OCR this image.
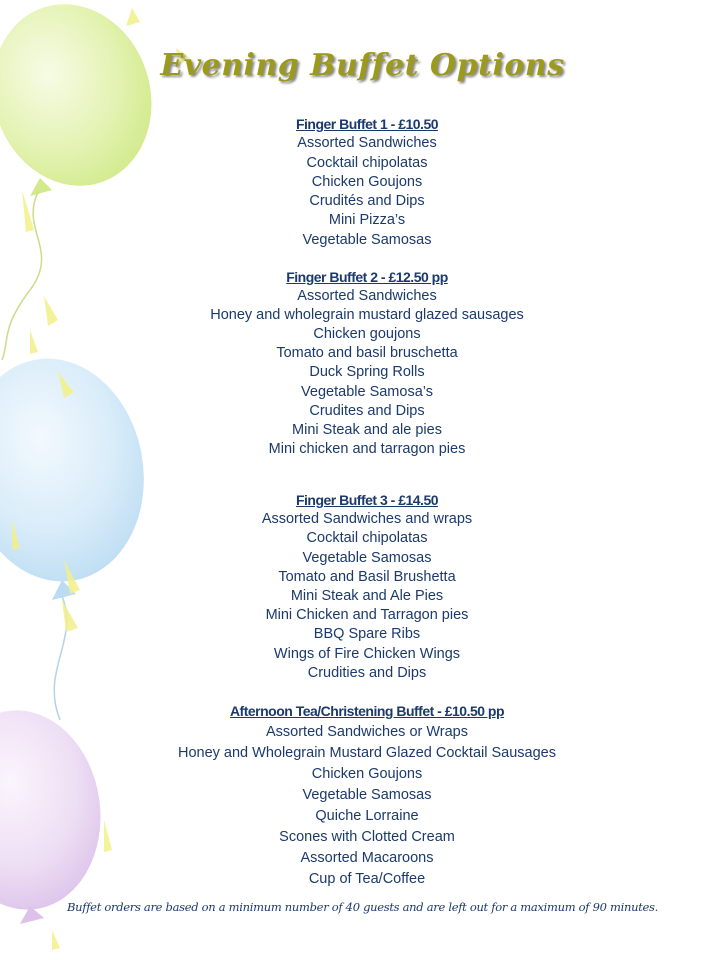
Evening Buffet Options
Finger Buffet 1 - £10.50
Assorted Sandwiches
Cocktail chipolatas
Chicken Goujons
Crudités and Dips
Mini Pizza’s
Vegetable Samosas
Finger Buffet 2 - £12.50 pp
Assorted Sandwiches
Honey and wholegrain mustard glazed sausages
Chicken goujons
Tomato and basil bruschetta
Duck Spring Rolls
Vegetable Samosa’s
Crudites and Dips
Mini Steak and ale pies
Mini chicken and tarragon pies
Finger Buffet 3 - £14.50
Assorted Sandwiches and wraps
Cocktail chipolatas
Vegetable Samosas
Tomato and Basil Brushetta
Mini Steak and Ale Pies
Mini Chicken and Tarragon pies
BBQ Spare Ribs
Wings of Fire Chicken Wings
Crudities and Dips
Afternoon Tea/Christening Buffet - £10.50 pp
Assorted Sandwiches or Wraps
Honey and Wholegrain Mustard Glazed Cocktail Sausages
Chicken Goujons
Vegetable Samosas
Quiche Lorraine
Scones with Clotted Cream
Assorted Macaroons
Cup of Tea/Coffee
Buffet orders are based on a minimum number of 40 guests and are left out for a maximum of 90 minutes.
